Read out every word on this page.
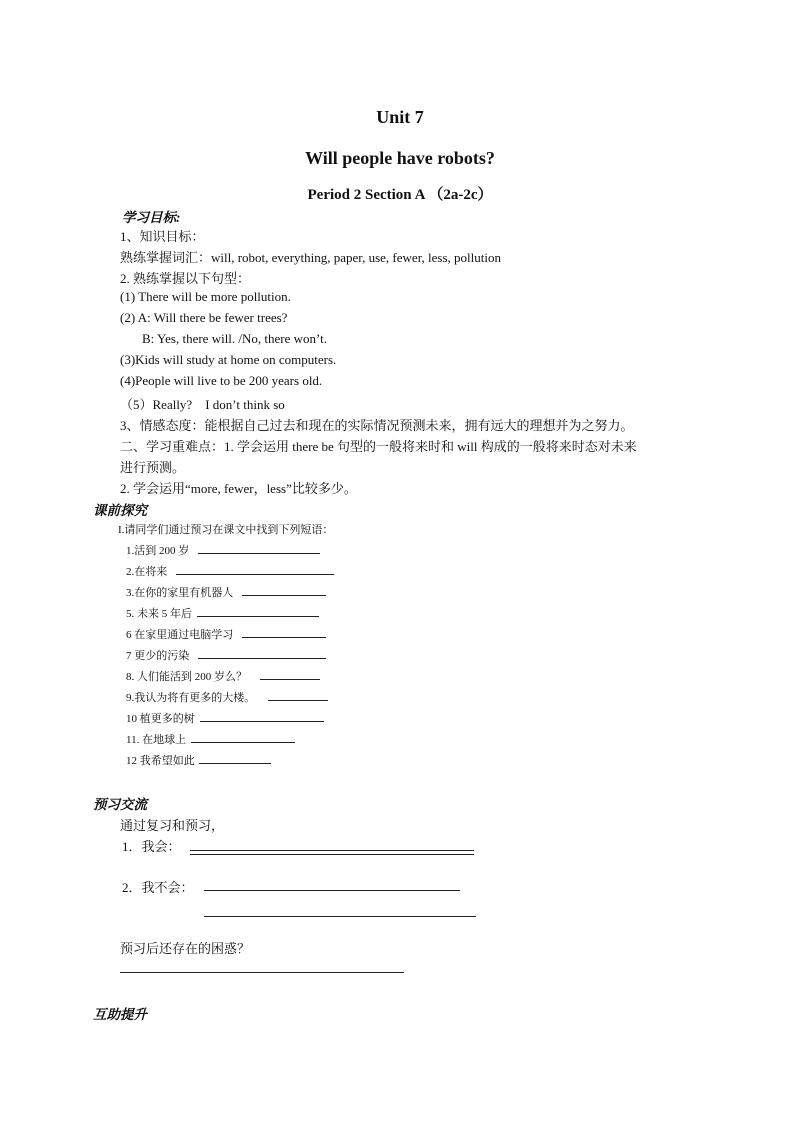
Unit 7
Will people have robots?
Period 2 Section A （2a-2c）
学习目标:
1、知识目标：
熟练掌握词汇：will, robot, everything, paper, use, fewer, less, pollution
2. 熟练掌握以下句型：
(1) There will be more pollution.
(2) A: Will there be fewer trees?
B: Yes, there will. /No, there won’t.
(3)Kids will study at home on computers.
(4)People will live to be 200 years old.
（5）Really?　I don’t think so
3、情感态度：能根据自己过去和现在的实际情况预测未来，拥有远大的理想并为之努力。
二、学习重难点：1. 学会运用 there be 句型的一般将来时和 will 构成的一般将来时态对未来
进行预测。
2. 学会运用“more, fewer，less”比较多少。
课前探究
I.请同学们通过预习在课文中找到下列短语：
1.活到 200 岁
2.在将来
3.在你的家里有机器人
5. 未来 5 年后
6 在家里通过电脑学习
7 更少的污染
8. 人们能活到 200 岁么？
9.我认为将有更多的大楼。
10 植更多的树
11. 在地球上
12 我希望如此
预习交流
通过复习和预习，
1．我会：
2．我不会：
预习后还存在的困惑？
互助提升
